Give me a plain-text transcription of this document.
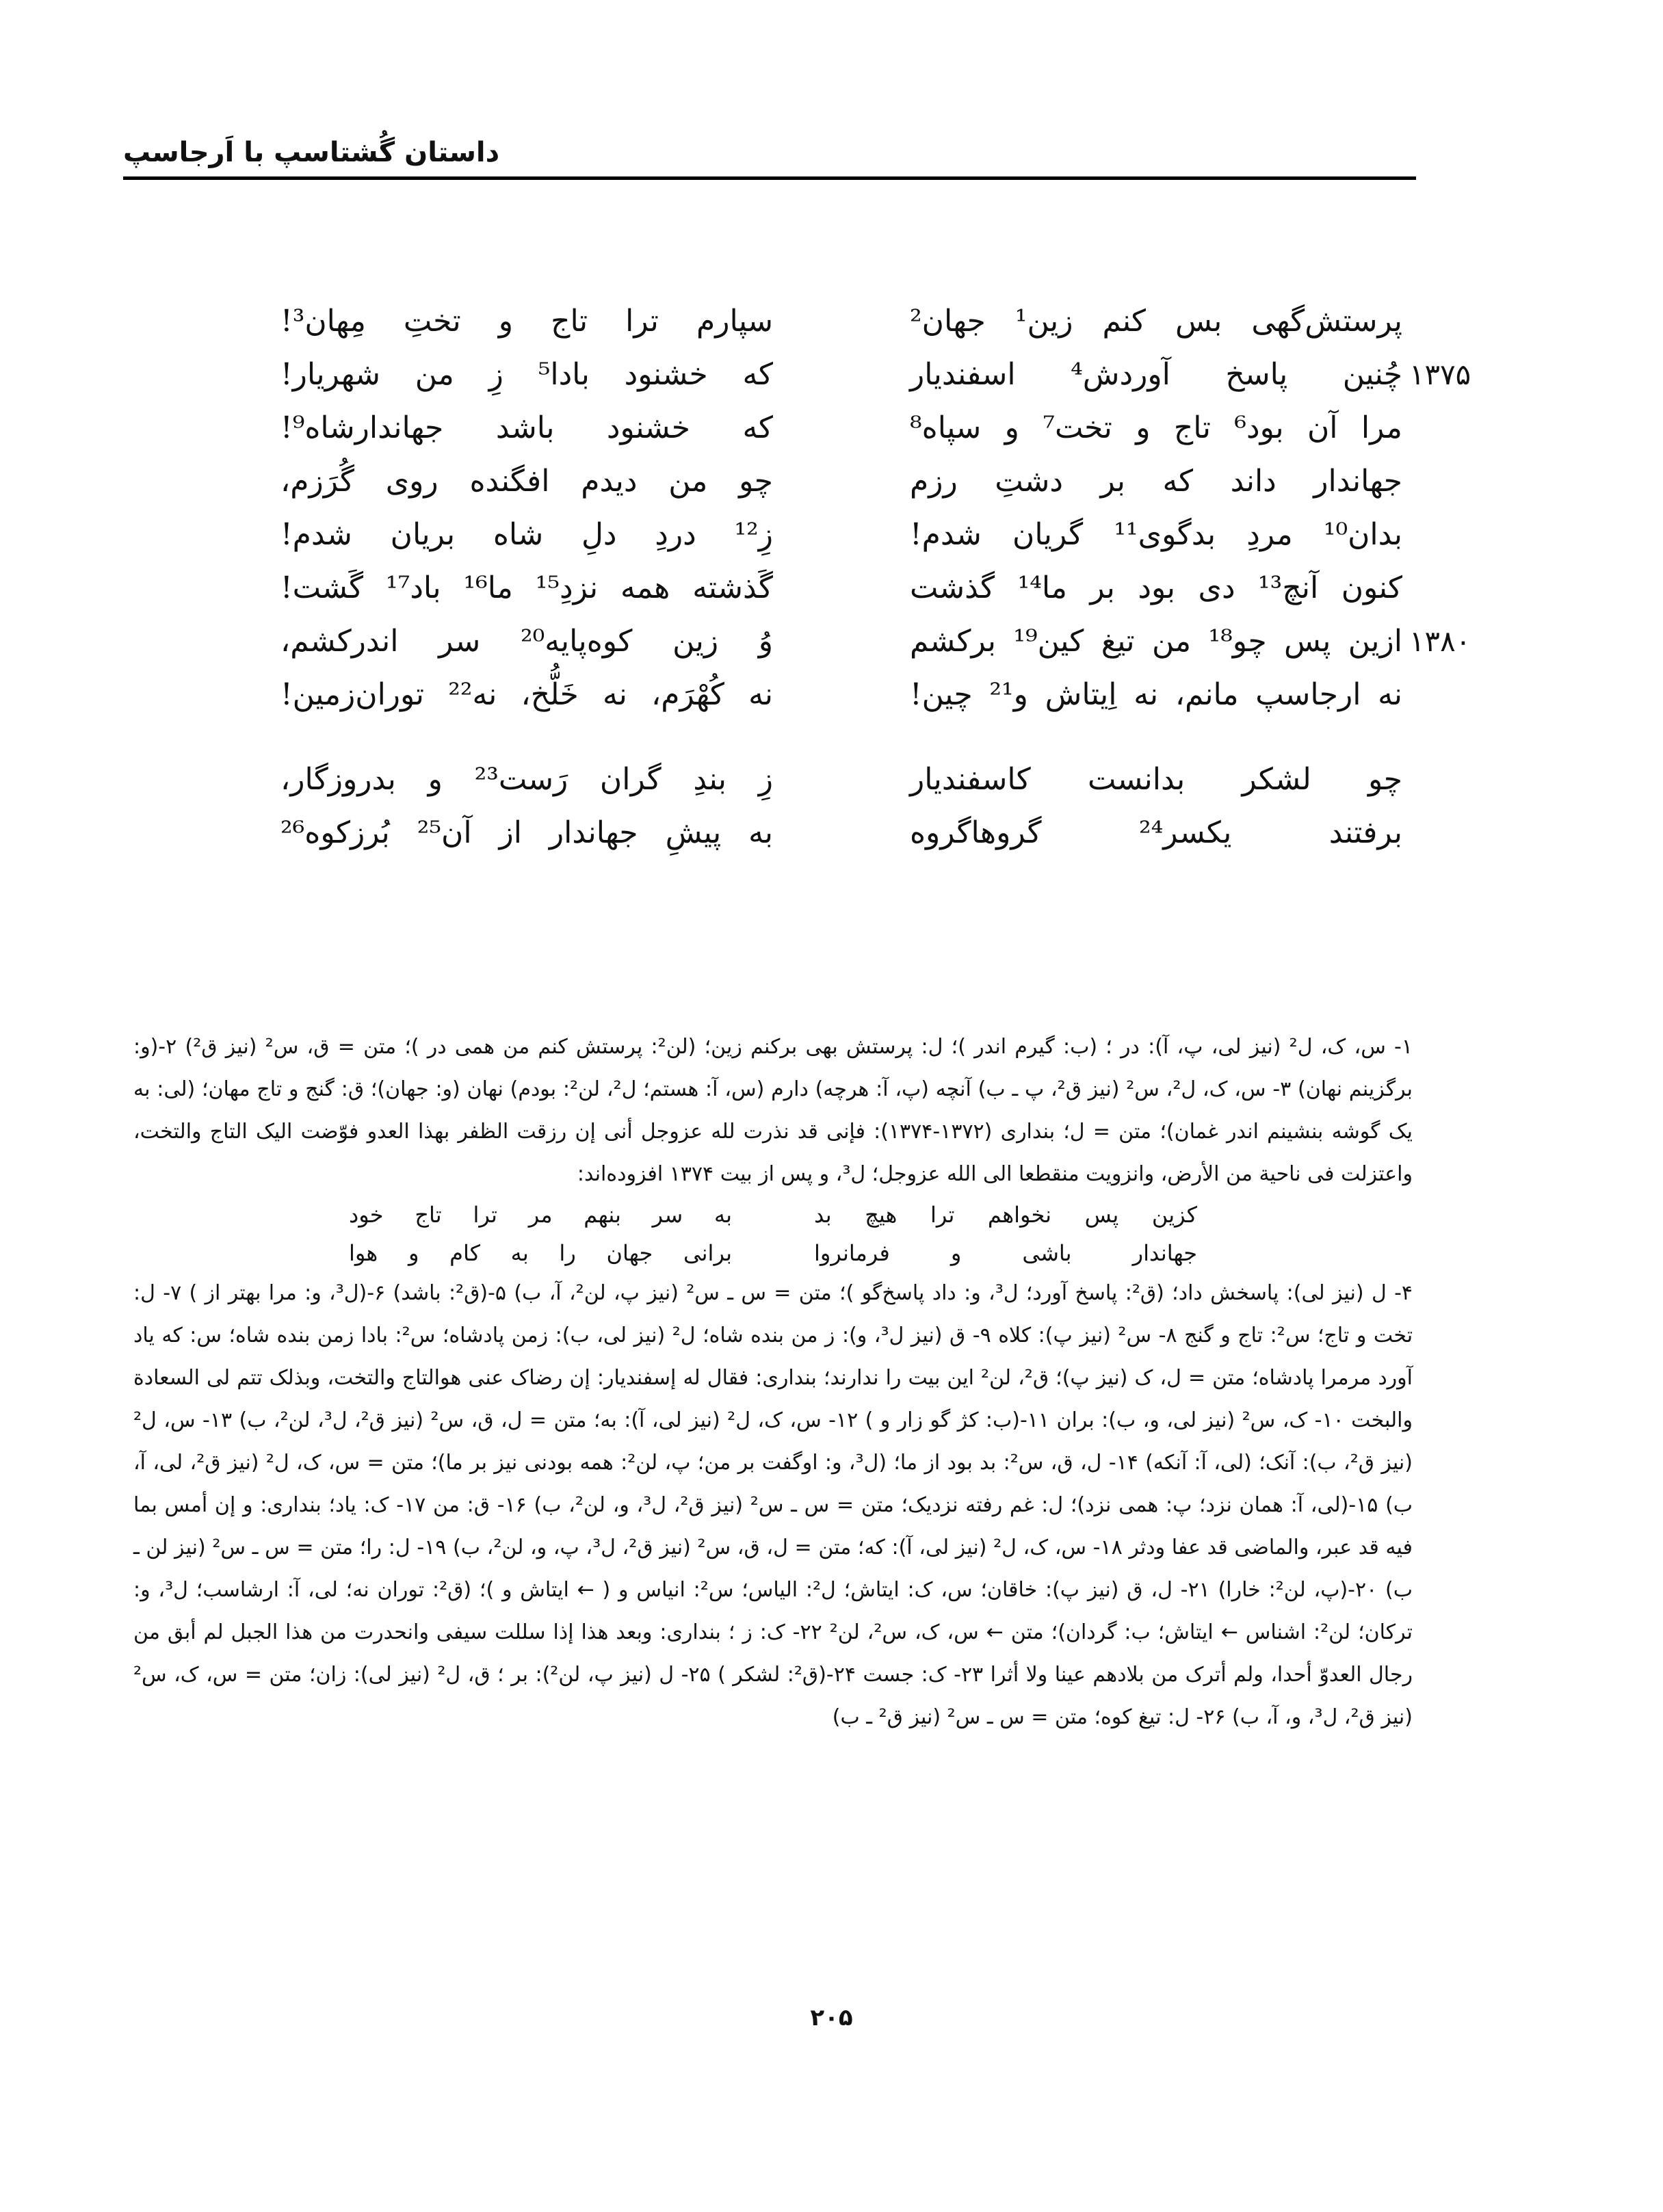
داستان گُشتاسپ با اَرجاسپ
پرستش‌گهی بس کنم زین¹ جهان²
سپارم ترا تاج و تختِ مِهان³!
۱۳۷۵
چُنین پاسخ آوردش⁴ اسفندیار
که خشنود بادا⁵ زِ من شهریار!
مرا آن بود⁶ تاج و تخت⁷ و سپاه⁸
که خشنود باشد جهاندارشاه⁹!
جهاندار داند که بر دشتِ رزم
چو من دیدم افگنده روی گُرَزم،
بدان¹⁰ مردِ بدگوی¹¹ گریان شدم!
زِ¹² دردِ دلِ شاه بریان شدم!
کنون آنچ¹³ دی بود بر ما¹⁴ گذشت
گَذشته همه نزدِ¹⁵ ما¹⁶ باد¹⁷ گَشت!
۱۳۸۰
ازین پس چو¹⁸ من تیغ کین¹⁹ برکشم
وُ زین کوه‌پایه²⁰ سر اندرکشم،
نه ارجاسپ مانم، نه اِیتاش و²¹ چین!
نه کُهْرَم، نه خَلُّخ، نه²² توران‌زمین!
چو لشکر بدانست کاسفندیار
زِ بندِ گران رَست²³ و بدروزگار،
برفتند یکسر²⁴ گروهاگروه
به پیشِ جهاندار از آن²⁵ بُرزکوه²⁶
۱- س، ک، ل² (نیز لی، پ، آ): در ؛ (ب: گیرم اندر )؛ ل: پرستش بهی برکنم زین؛ (لن²: پرستش کنم من همی در )؛ متن = ق، س² (نیز ق²) ۲-(و: برگزینم نهان) ۳- س، ک، ل²، س² (نیز ق²، پ ـ ب) آنچه (پ، آ: هرچه) دارم (س، آ: هستم؛ ل²، لن²: بودم) نهان (و: جهان)؛ ق: گنج و تاج مهان؛ (لی: به یک گوشه بنشینم اندر غمان)؛ متن = ل؛ بنداری (۱۳۷۲-۱۳۷۴): فإنی قد نذرت لله عزوجل أنی إن رزقت الظفر بهذا العدو فوّضت الیک التاج والتخت، واعتزلت فی ناحیة من الأرض، وانزویت منقطعا الی الله عزوجل؛ ل³، و پس از بیت ۱۳۷۴ افزوده‌اند:
کزین پس نخواهم ترا هیچ بد
به سر بنهم مر ترا تاج خود
جهاندار باشی و فرمانروا
برانی جهان را به کام و هوا
۴- ل (نیز لی): پاسخش داد؛ (ق²: پاسخ آورد؛ ل³، و: داد پاسخ‌گو )؛ متن = س ـ س² (نیز پ، لن²، آ، ب) ۵-(ق²: باشد) ۶-(ل³، و: مرا بهتر از ) ۷- ل: تخت و تاج؛ س²: تاج و گنج ۸- س² (نیز پ): کلاه ۹- ق (نیز ل³، و): ز من بنده شاه؛ ل² (نیز لی، ب): زمن پادشاه؛ س²: بادا زمن بنده شاه؛ س: که یاد آورد مرمرا پادشاه؛ متن = ل، ک (نیز پ)؛ ق²، لن² این بیت را ندارند؛ بنداری: فقال له إسفندیار: إن رضاک عنی هوالتاج والتخت، وبذلک تتم لی السعادة والبخت ۱۰- ک، س² (نیز لی، و، ب): بران ۱۱-(ب: کژ گو زار و ) ۱۲- س، ک، ل² (نیز لی، آ): به؛ متن = ل، ق، س² (نیز ق²، ل³، لن²، ب) ۱۳- س، ل² (نیز ق²، ب): آنک؛ (لی، آ: آنکه) ۱۴- ل، ق، س²: بد بود از ما؛ (ل³، و: اوگفت بر من؛ پ، لن²: همه بودنی نیز بر ما)؛ متن = س، ک، ل² (نیز ق²، لی، آ، ب) ۱۵-(لی، آ: همان نزد؛ پ: همی نزد)؛ ل: غم رفته نزدیک؛ متن = س ـ س² (نیز ق²، ل³، و، لن²، ب) ۱۶- ق: من ۱۷- ک: یاد؛ بنداری: و إن أمس بما فیه قد عبر، والماضی قد عفا ودثر ۱۸- س، ک، ل² (نیز لی، آ): که؛ متن = ل، ق، س² (نیز ق²، ل³، پ، و، لن²، ب) ۱۹- ل: را؛ متن = س ـ س² (نیز لن ـ ب) ۲۰-(پ، لن²: خارا) ۲۱- ل، ق (نیز پ): خاقان؛ س، ک: ایتاش؛ ل²: الیاس؛ س²: انیاس و ( ← ایتاش و )؛ (ق²: توران نه؛ لی، آ: ارشاسب؛ ل³، و: ترکان؛ لن²: اشناس ← ایتاش؛ ب: گردان)؛ متن ← س، ک، س²، لن² ۲۲- ک: ز ؛ بنداری: وبعد هذا إذا سللت سیفی وانحدرت من هذا الجبل لم أبق من رجال العدوّ أحدا، ولم أترک من بلادهم عینا ولا أثرا ۲۳- ک: جست ۲۴-(ق²: لشکر ) ۲۵- ل (نیز پ، لن²): بر ؛ ق، ل² (نیز لی): زان؛ متن = س، ک، س² (نیز ق²، ل³، و، آ، ب) ۲۶- ل: تیغ کوه؛ متن = س ـ س² (نیز ق² ـ ب)
۲۰۵
